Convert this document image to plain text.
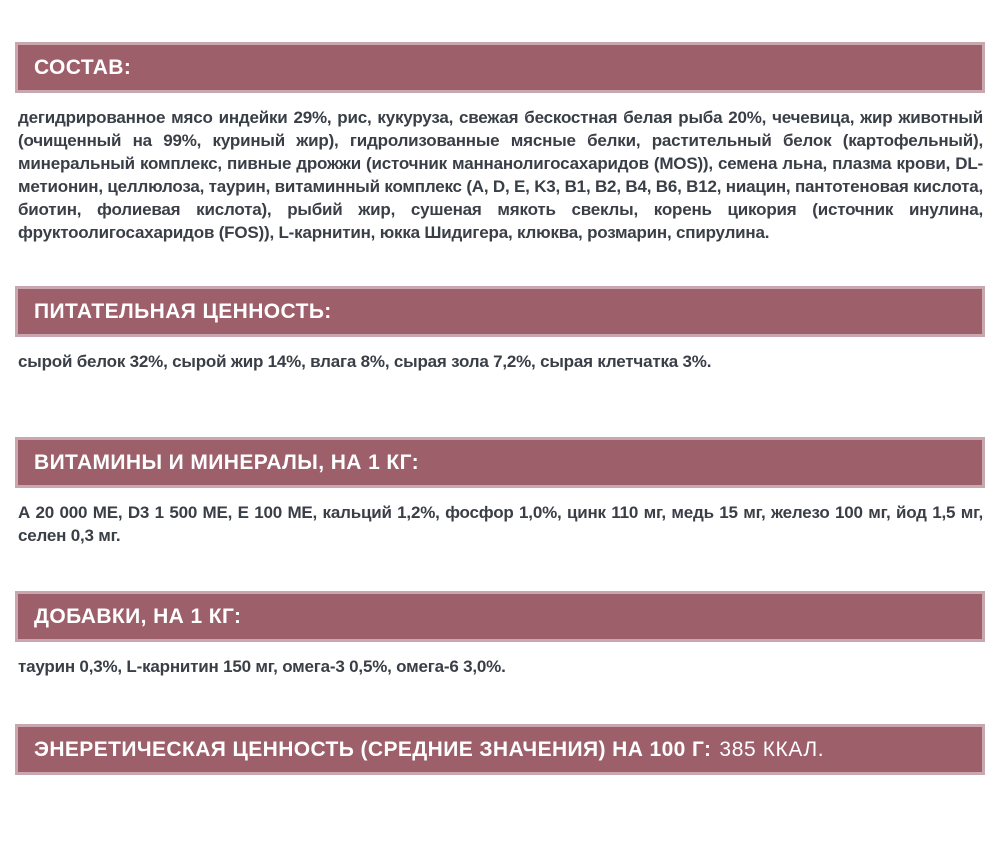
СОСТАВ:

дегидрированное мясо индейки 29%, рис, кукуруза, свежая бескостная белая рыба 20%, чечевица, жир животный (очищенный на 99%, куриный жир), гидролизованные мясные белки, растительный белок (картофельный), минеральный комплекс, пивные дрожжи (источник маннанолигосахаридов (MOS)), семена льна, плазма крови, DL-метионин, целлюлоза, таурин, витаминный комплекс (A, D, E, K3, B1, B2, B4, B6, B12, ниацин, пантотеновая кислота, биотин, фолиевая кислота), рыбий жир, сушеная мякоть свеклы, корень цикория (источник инулина, фруктоолигосахаридов (FOS)), L-карнитин, юкка Шидигера, клюква, розмарин, спирулина.

ПИТАТЕЛЬНАЯ ЦЕННОСТЬ:

сырой белок 32%, сырой жир 14%, влага 8%, сырая зола 7,2%, сырая клетчатка 3%.

ВИТАМИНЫ И МИНЕРАЛЫ, НА 1 КГ:

А 20 000 МЕ, D3 1 500 МЕ, Е 100 МЕ, кальций 1,2%, фосфор 1,0%, цинк 110 мг, медь 15 мг, железо 100 мг, йод 1,5 мг, селен 0,3 мг.

ДОБАВКИ, НА 1 КГ:

таурин 0,3%, L-карнитин 150 мг, омега-3 0,5%, омега-6 3,0%.

ЭНЕРЕТИЧЕСКАЯ ЦЕННОСТЬ (СРЕДНИЕ ЗНАЧЕНИЯ) НА 100 Г: 385 ККАЛ.
